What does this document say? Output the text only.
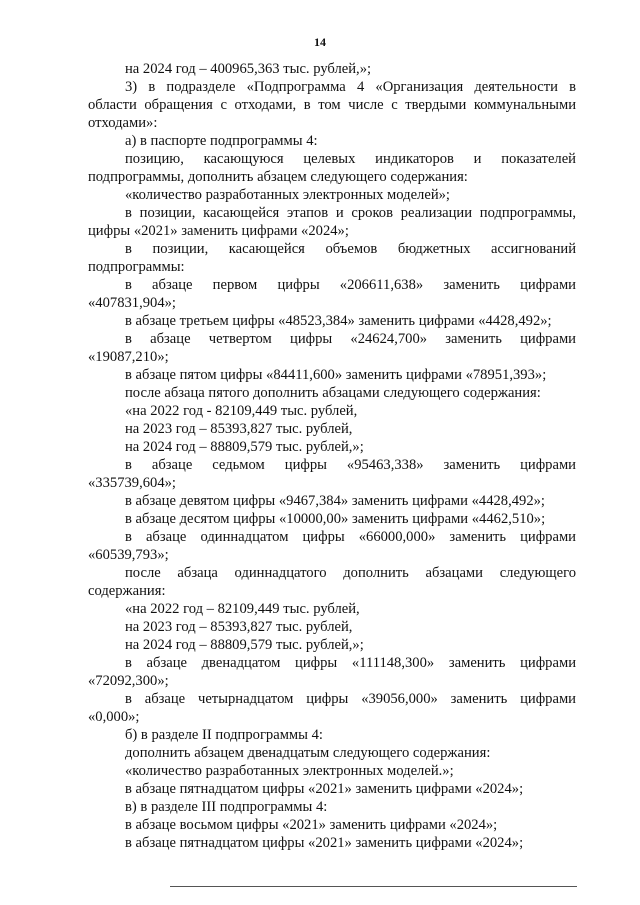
14
на 2024 год – 400965,363 тыс. рублей,»;
3) в подразделе «Подпрограмма 4 «Организация деятельности в
области обращения с отходами, в том числе с твердыми коммунальными
отходами»:
а) в паспорте подпрограммы 4:
позицию, касающуюся целевых индикаторов и показателей
подпрограммы, дополнить абзацем следующего содержания:
«количество разработанных электронных моделей»;
в позиции, касающейся этапов и сроков реализации подпрограммы,
цифры «2021» заменить цифрами «2024»;
в позиции, касающейся объемов бюджетных ассигнований
подпрограммы:
в абзаце первом цифры «206611,638» заменить цифрами
«407831,904»;
в абзаце третьем цифры «48523,384» заменить цифрами «4428,492»;
в абзаце четвертом цифры «24624,700» заменить цифрами
«19087,210»;
в абзаце пятом цифры «84411,600» заменить цифрами «78951,393»;
после абзаца пятого дополнить абзацами следующего содержания:
«на 2022 год - 82109,449 тыс. рублей,
на 2023 год – 85393,827 тыс. рублей,
на 2024 год – 88809,579 тыс. рублей,»;
в абзаце седьмом цифры «95463,338» заменить цифрами
«335739,604»;
в абзаце девятом цифры «9467,384» заменить цифрами «4428,492»;
в абзаце десятом цифры «10000,00» заменить цифрами «4462,510»;
в абзаце одиннадцатом цифры «66000,000» заменить цифрами
«60539,793»;
после абзаца одиннадцатого дополнить абзацами следующего
содержания:
«на 2022 год – 82109,449 тыс. рублей,
на 2023 год – 85393,827 тыс. рублей,
на 2024 год – 88809,579 тыс. рублей,»;
в абзаце двенадцатом цифры «111148,300» заменить цифрами
«72092,300»;
в абзаце четырнадцатом цифры «39056,000» заменить цифрами
«0,000»;
б) в разделе II подпрограммы 4:
дополнить абзацем двенадцатым следующего содержания:
«количество разработанных электронных моделей.»;
в абзаце пятнадцатом цифры «2021» заменить цифрами «2024»;
в) в разделе III подпрограммы 4:
в абзаце восьмом цифры «2021» заменить цифрами «2024»;
в абзаце пятнадцатом цифры «2021» заменить цифрами «2024»;
